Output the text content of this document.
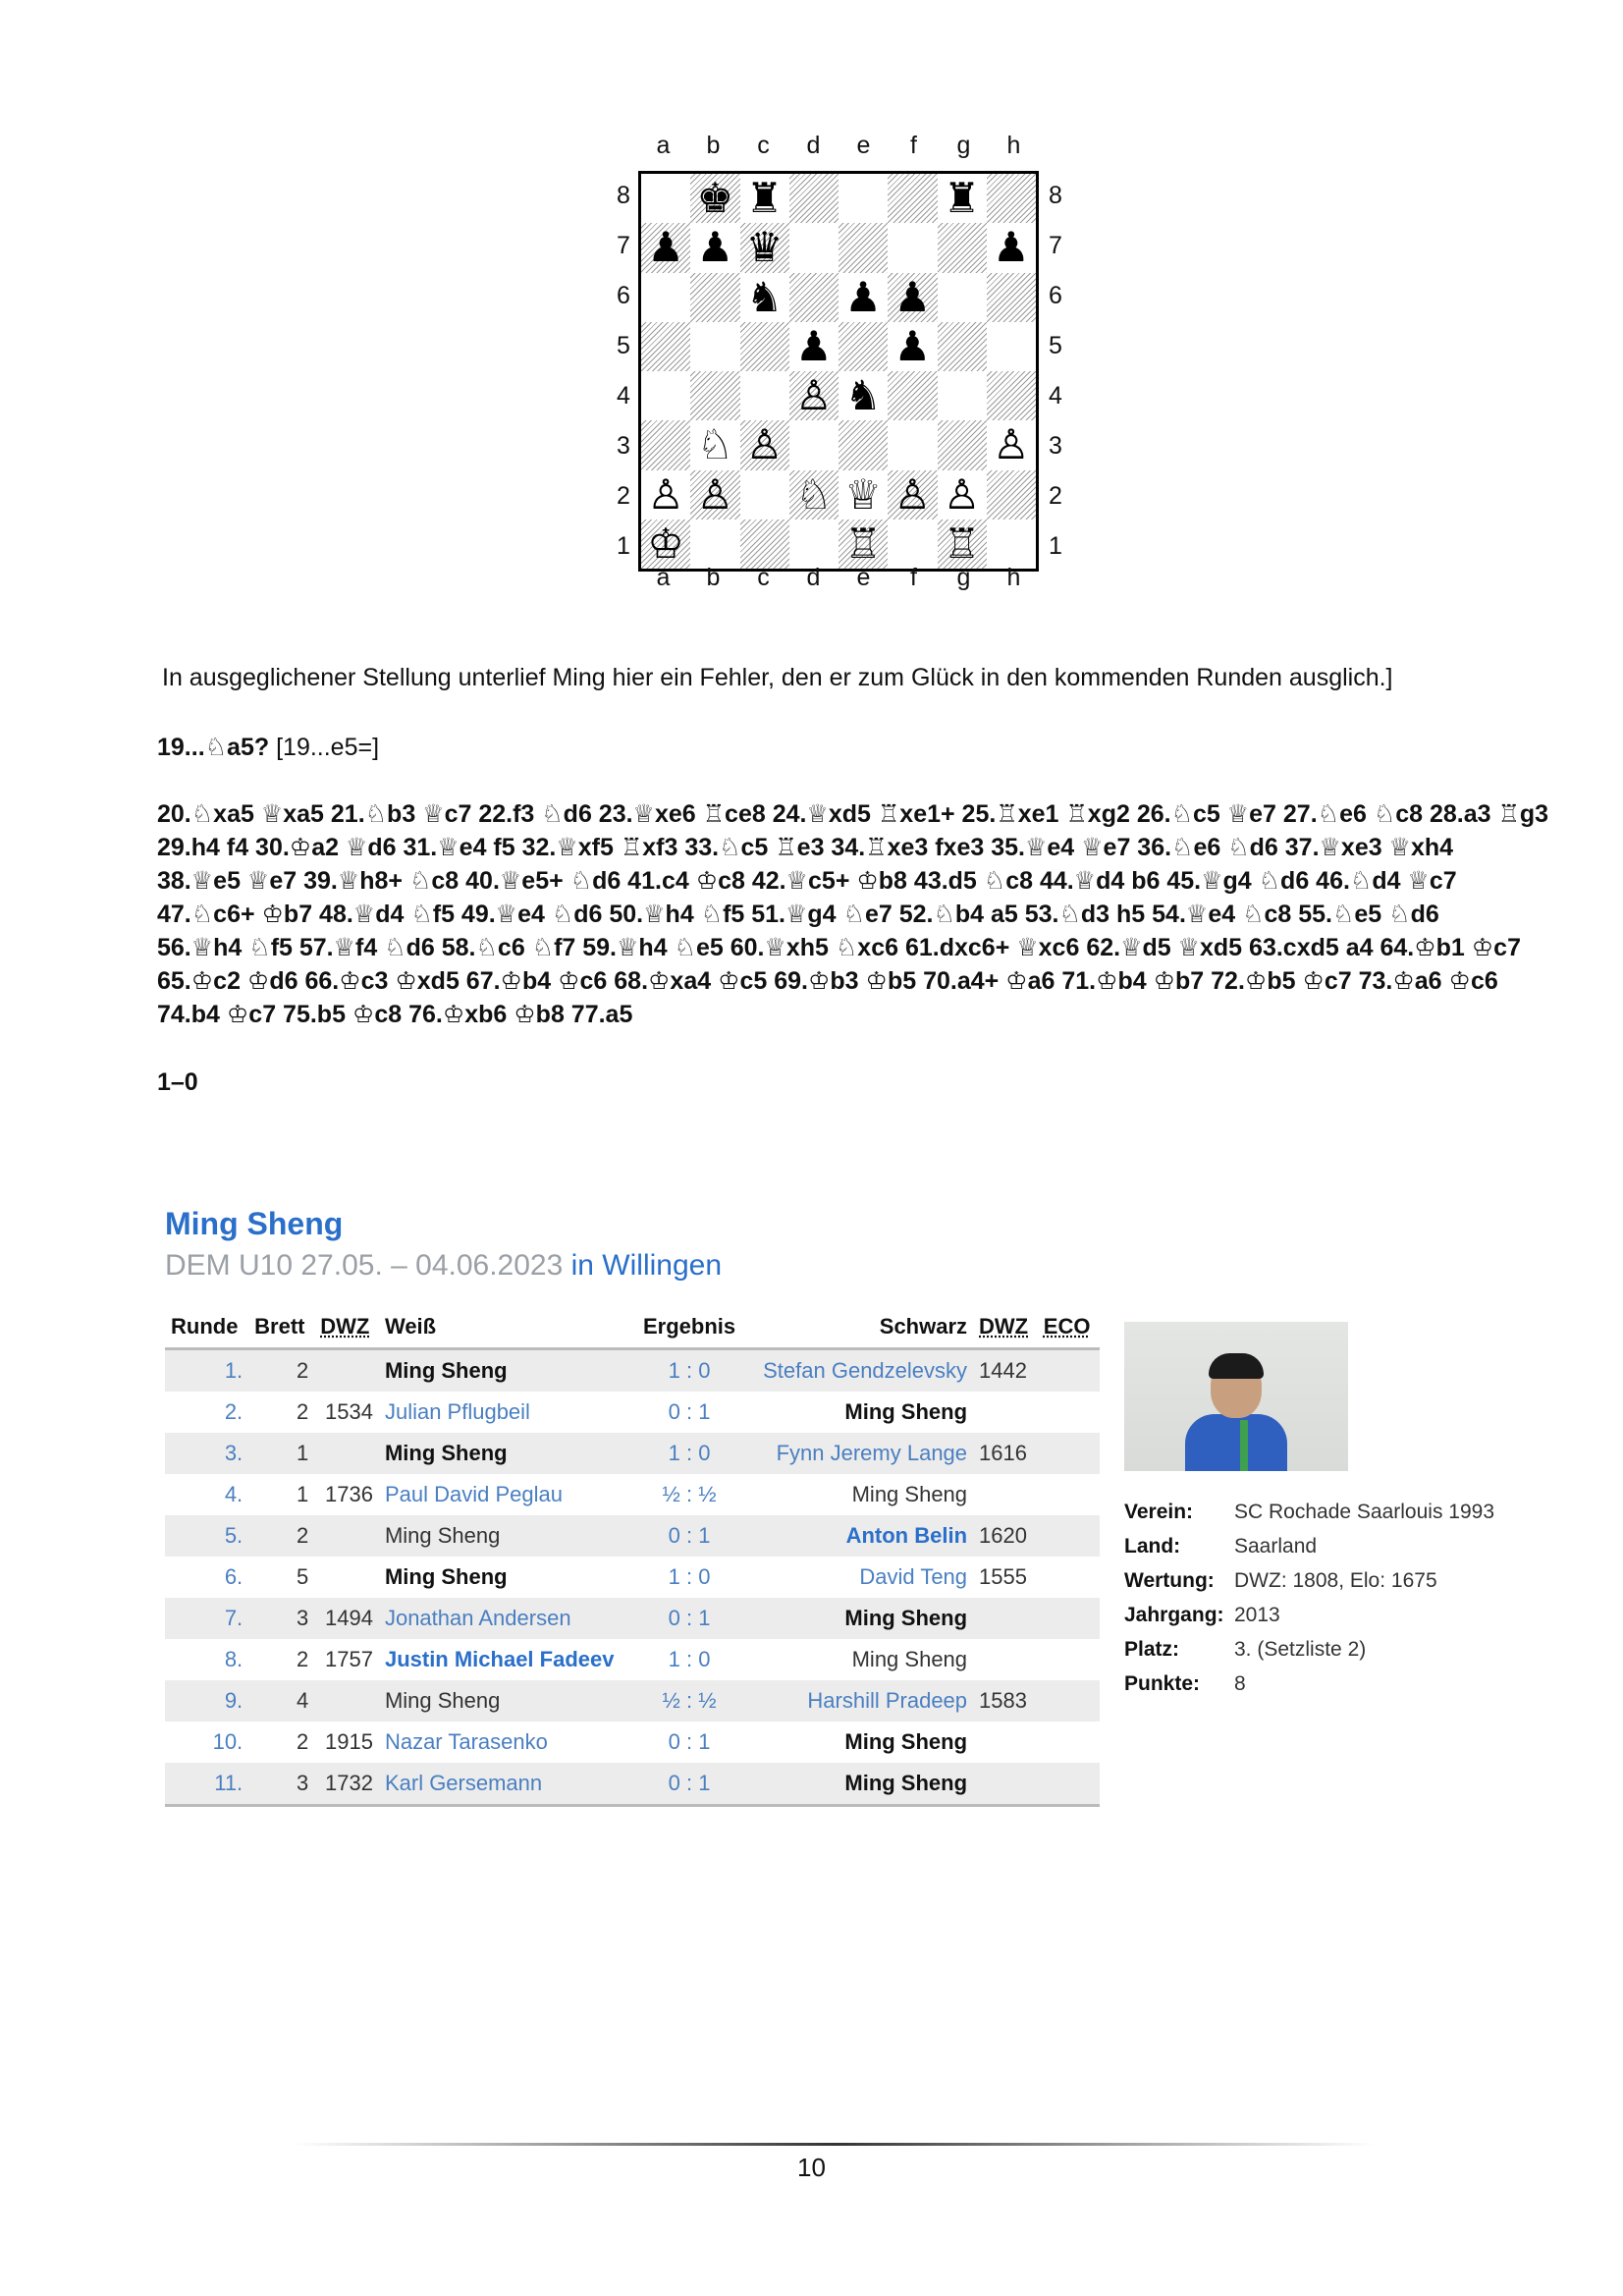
a	b	c	d	e	f	g	h
8
7
6
5
4
3
2
1
♚ ♜	♜
♟ ♟ ♛	♟
♞ ♟ ♟
♟ ♟
♙ ♞
♘ ♙	♙
♙ ♙ ♘ ♕ ♙ ♙
♔	♖ ♖
8
7
6
5
4
3
2
1
a	b	c	d	e	f	g	h
In ausgeglichener Stellung unterlief Ming hier ein Fehler, den er zum Glück in den kommenden Runden ausglich.]
19...♘a5? [19...e5=]
20.♘xa5 ♕xa5 21.♘b3 ♕c7 22.f3 ♘d6 23.♕xe6 ♖ce8 24.♕xd5 ♖xe1+ 25.♖xe1 ♖xg2 26.♘c5 ♕e7 27.♘e6 ♘c8 28.a3 ♖g3
29.h4 f4 30.♔a2 ♕d6 31.♕e4 f5 32.♕xf5 ♖xf3 33.♘c5 ♖e3 34.♖xe3 fxe3 35.♕e4 ♕e7 36.♘e6 ♘d6 37.♕xe3 ♕xh4
38.♕e5 ♕e7 39.♕h8+ ♘c8 40.♕e5+ ♘d6 41.c4 ♔c8 42.♕c5+ ♔b8 43.d5 ♘c8 44.♕d4 b6 45.♕g4 ♘d6 46.♘d4 ♕c7
47.♘c6+ ♔b7 48.♕d4 ♘f5 49.♕e4 ♘d6 50.♕h4 ♘f5 51.♕g4 ♘e7 52.♘b4 a5 53.♘d3 h5 54.♕e4 ♘c8 55.♘e5 ♘d6
56.♕h4 ♘f5 57.♕f4 ♘d6 58.♘c6 ♘f7 59.♕h4 ♘e5 60.♕xh5 ♘xc6 61.dxc6+ ♕xc6 62.♕d5 ♕xd5 63.cxd5 a4 64.♔b1 ♔c7
65.♔c2 ♔d6 66.♔c3 ♔xd5 67.♔b4 ♔c6 68.♔xa4 ♔c5 69.♔b3 ♔b5 70.a4+ ♔a6 71.♔b4 ♔b7 72.♔b5 ♔c7 73.♔a6 ♔c6
74.b4 ♔c7 75.b5 ♔c8 76.♔xb6 ♔b8 77.a5
1–0
Ming Sheng
DEM U10 27.05. – 04.06.2023 in Willingen
Runde	Brett	DWZ	Weiß	Ergebnis	Schwarz	DWZ	ECO
1.	2		Ming Sheng	1 : 0	Stefan Gendzelevsky	1442	
2.	2	1534	Julian Pflugbeil	0 : 1	Ming Sheng		
3.	1		Ming Sheng	1 : 0	Fynn Jeremy Lange	1616	
4.	1	1736	Paul David Peglau	½ : ½	Ming Sheng		
5.	2		Ming Sheng	0 : 1	Anton Belin	1620	
6.	5		Ming Sheng	1 : 0	David Teng	1555	
7.	3	1494	Jonathan Andersen	0 : 1	Ming Sheng		
8.	2	1757	Justin Michael Fadeev	1 : 0	Ming Sheng		
9.	4		Ming Sheng	½ : ½	Harshill Pradeep	1583	
10.	2	1915	Nazar Tarasenko	0 : 1	Ming Sheng		
11.	3	1732	Karl Gersemann	0 : 1	Ming Sheng		
Verein:	SC Rochade Saarlouis 1993
Land:	Saarland
Wertung: DWZ: 1808, Elo:
1675
Jahrgang: 2013
Platz:	3.
(Setzliste
2 )
Punkte:	8
10
